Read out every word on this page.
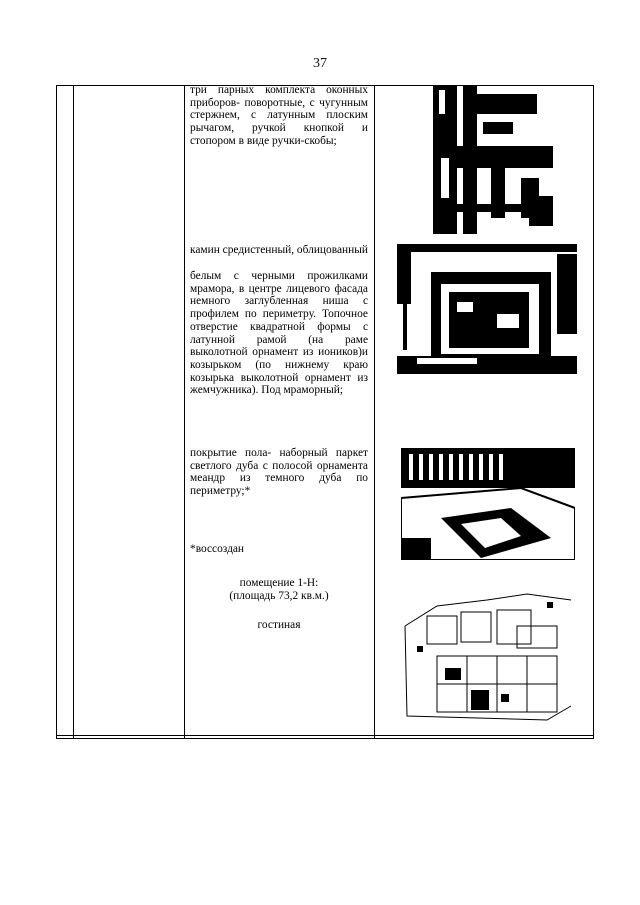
37

три парных комплекта оконных приборов- поворотные, с чугунным стержнем, с латунным плоским рычагом, ручкой кнопкой и стопором в виде ручки-скобы;

камин средистенный, облицованный

белым с черными прожилками мрамора, в центре лицевого фасада немного заглубленная ниша с профилем по периметру. Топочное отверстие квадратной формы с латунной рамой (на раме выколотной орнамент из иоников)и козырьком (по нижнему краю козырька выколотной орнамент из жемчужника). Под мраморный;

покрытие пола- наборный паркет светлого дуба с полосой орнамента меандр из темного дуба по периметру;*

*воссоздан

помещение 1-Н:

(площадь 73,2 кв.м.)

гостиная
